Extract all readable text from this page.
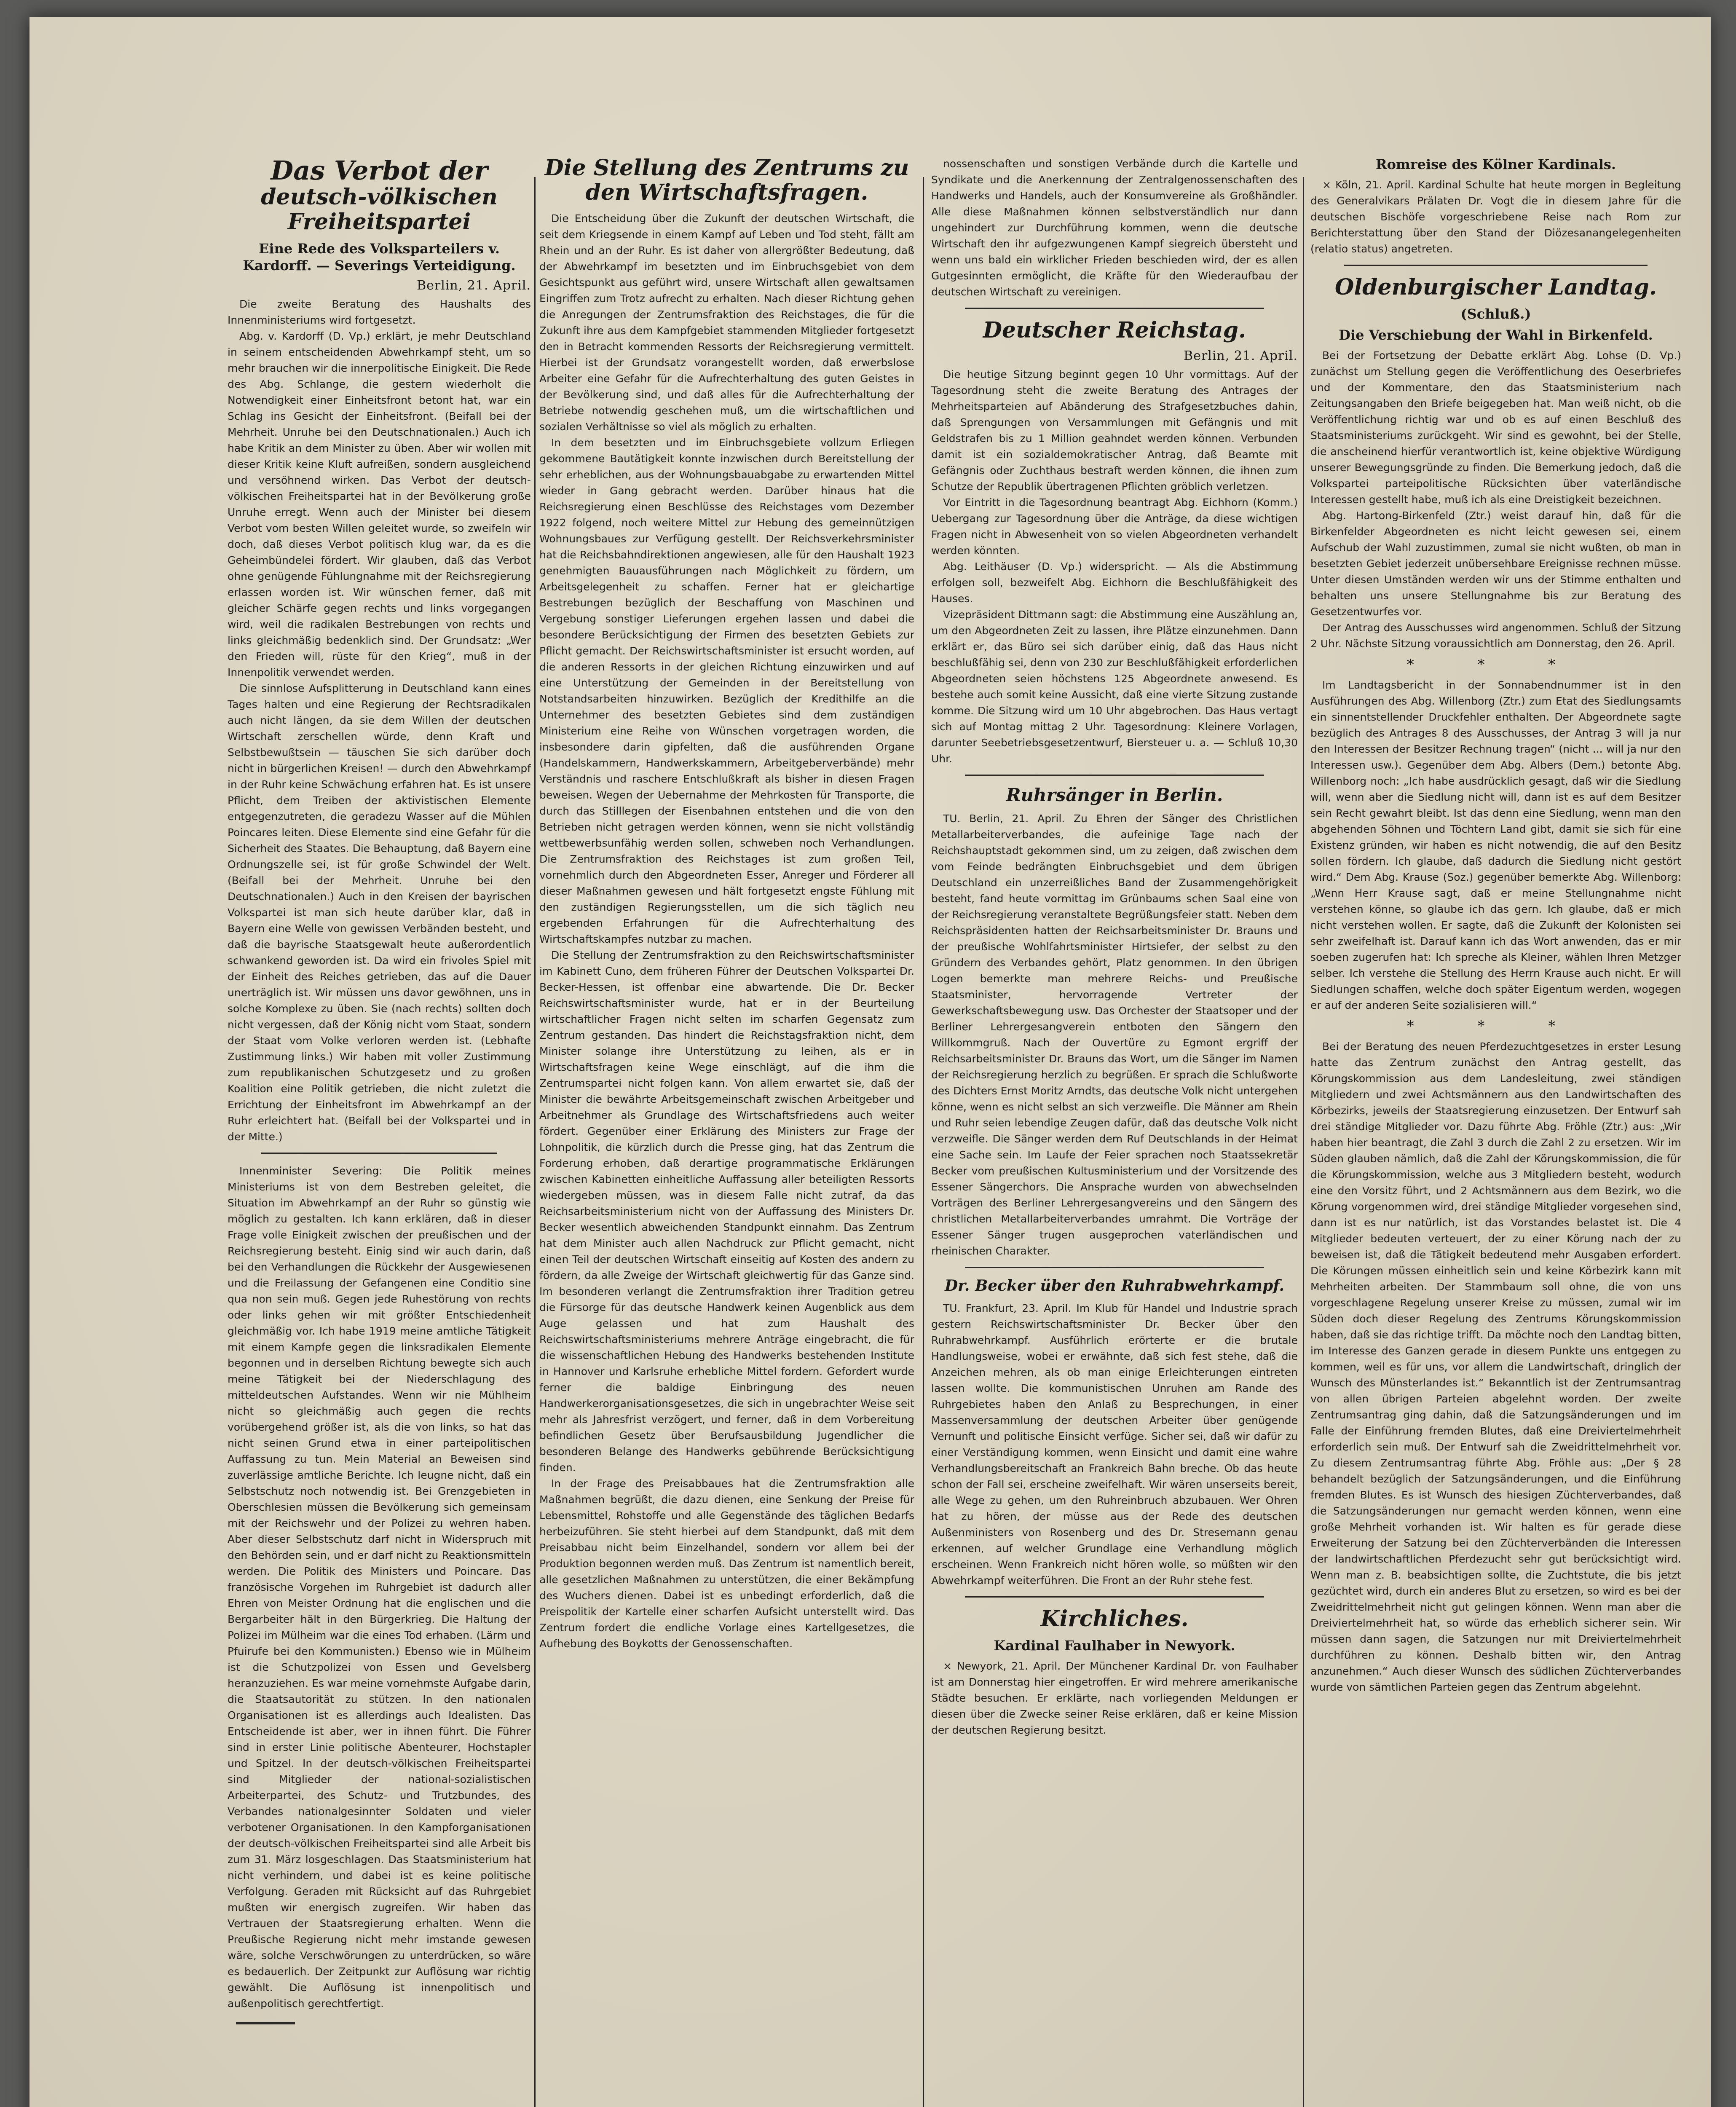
Das Verbot der
deutsch-völkischen Freiheitspartei
Eine Rede des Volksparteilers v. Kardorff. — Severings Verteidigung.
Berlin, 21. April.

Die zweite Beratung des Haushalts des Innenministeriums wird fortgesetzt.

Abg. v. Kardorff (D. Vp.) erklärt, je mehr Deutschland in seinem entscheidenden Abwehrkampf steht, um so mehr brauchen wir die innerpolitische Einigkeit. Die Rede des Abg. Schlange, die gestern wiederholt die Notwendigkeit einer Einheitsfront betont hat, war ein Schlag ins Gesicht der Einheitsfront. (Beifall bei der Mehrheit. Unruhe bei den Deutschnationalen.) Auch ich habe Kritik an dem Minister zu üben. Aber wir wollen mit dieser Kritik keine Kluft aufreißen, sondern ausgleichend und versöhnend wirken. Das Verbot der deutsch-völkischen Freiheitspartei hat in der Bevölkerung große Unruhe erregt. Wenn auch der Minister bei diesem Verbot vom besten Willen geleitet wurde, so zweifeln wir doch, daß dieses Verbot politisch klug war, da es die Geheimbündelei fördert. Wir glauben, daß das Verbot ohne genügende Fühlungnahme mit der Reichsregierung erlassen worden ist. Wir wünschen ferner, daß mit gleicher Schärfe gegen rechts und links vorgegangen wird, weil die radikalen Bestrebungen von rechts und links gleichmäßig bedenklich sind. Der Grundsatz: „Wer den Frieden will, rüste für den Krieg“, muß in der Innenpolitik verwendet werden.

Die sinnlose Aufsplitterung in Deutschland kann eines Tages halten und eine Regierung der Rechtsradikalen auch nicht längen, da sie dem Willen der deutschen Wirtschaft zerschellen würde, denn Kraft und Selbstbewußtsein — täuschen Sie sich darüber doch nicht in bürgerlichen Kreisen! — durch den Abwehrkampf in der Ruhr keine Schwächung erfahren hat. Es ist unsere Pflicht, dem Treiben der aktivistischen Elemente entgegenzutreten, die geradezu Wasser auf die Mühlen Poincares leiten. Diese Elemente sind eine Gefahr für die Sicherheit des Staates. Die Behauptung, daß Bayern eine Ordnungszelle sei, ist für große Schwindel der Welt. (Beifall bei der Mehrheit. Unruhe bei den Deutschnationalen.) Auch in den Kreisen der bayrischen Volkspartei ist man sich heute darüber klar, daß in Bayern eine Welle von gewissen Verbänden besteht, und daß die bayrische Staatsgewalt heute außerordentlich schwankend geworden ist. Da wird ein frivoles Spiel mit der Einheit des Reiches getrieben, das auf die Dauer unerträglich ist. Wir müssen uns davor gewöhnen, uns in solche Komplexe zu üben. Sie (nach rechts) sollten doch nicht vergessen, daß der König nicht vom Staat, sondern der Staat vom Volke verloren werden ist. (Lebhafte Zustimmung links.) Wir haben mit voller Zustimmung zum republikanischen Schutzgesetz und zu großen Koalition eine Politik getrieben, die nicht zuletzt die Errichtung der Einheitsfront im Abwehrkampf an der Ruhr erleichtert hat. (Beifall bei der Volkspartei und in der Mitte.)

Innenminister Severing: Die Politik meines Ministeriums ist von dem Bestreben geleitet, die Situation im Abwehrkampf an der Ruhr so günstig wie möglich zu gestalten. Ich kann erklären, daß in dieser Frage volle Einigkeit zwischen der preußischen und der Reichsregierung besteht. Einig sind wir auch darin, daß bei den Verhandlungen die Rückkehr der Ausgewiesenen und die Freilassung der Gefangenen eine Conditio sine qua non sein muß. Gegen jede Ruhestörung von rechts oder links gehen wir mit größter Entschiedenheit gleichmäßig vor. Ich habe 1919 meine amtliche Tätigkeit mit einem Kampfe gegen die linksradikalen Elemente begonnen und in derselben Richtung bewegte sich auch meine Tätigkeit bei der Niederschlagung des mitteldeutschen Aufstandes. Wenn wir nie Mühlheim nicht so gleichmäßig auch gegen die rechts vorübergehend größer ist, als die von links, so hat das nicht seinen Grund etwa in einer parteipolitischen Auffassung zu tun. Mein Material an Beweisen sind zuverlässige amtliche Berichte. Ich leugne nicht, daß ein Selbstschutz noch notwendig ist. Bei Grenzgebieten in Oberschlesien müssen die Bevölkerung sich gemeinsam mit der Reichswehr und der Polizei zu wehren haben. Aber dieser Selbstschutz darf nicht in Widerspruch mit den Behörden sein, und er darf nicht zu Reaktionsmitteln werden. Die Politik des Ministers und Poincare. Das französische Vorgehen im Ruhrgebiet ist dadurch aller Ehren von Meister Ordnung hat die englischen und die Bergarbeiter hält in den Bürgerkrieg. Die Haltung der Polizei im Mülheim war die eines Tod erhaben. (Lärm und Pfuirufe bei den Kommunisten.) Ebenso wie in Mülheim ist die Schutzpolizei von Essen und Gevelsberg heranzuziehen. Es war meine vornehmste Aufgabe darin, die Staatsautorität zu stützen. In den nationalen Organisationen ist es allerdings auch Idealisten. Das Entscheidende ist aber, wer in ihnen führt. Die Führer sind in erster Linie politische Abenteurer, Hochstapler und Spitzel. In der deutsch-völkischen Freiheitspartei sind Mitglieder der national-sozialistischen Arbeiterpartei, des Schutz- und Trutzbundes, des Verbandes nationalgesinnter Soldaten und vieler verbotener Organisationen. In den Kampforganisationen der deutsch-völkischen Freiheitspartei sind alle Arbeit bis zum 31. März losgeschlagen. Das Staatsministerium hat nicht verhindern, und dabei ist es keine politische Verfolgung. Geraden mit Rücksicht auf das Ruhrgebiet mußten wir energisch zugreifen. Wir haben das Vertrauen der Staatsregierung erhalten. Wenn die Preußische Regierung nicht mehr imstande gewesen wäre, solche Verschwörungen zu unterdrücken, so wäre es bedauerlich. Der Zeitpunkt zur Auflösung war richtig gewählt. Die Auflösung ist innenpolitisch und außenpolitisch gerechtfertigt.

Die Stellung des Zentrums zu
den Wirtschaftsfragen.

Die Entscheidung über die Zukunft der deutschen Wirtschaft, die seit dem Kriegsende in einem Kampf auf Leben und Tod steht, fällt am Rhein und an der Ruhr. Es ist daher von allergrößter Bedeutung, daß der Abwehrkampf im besetzten und im Einbruchsgebiet von dem Gesichtspunkt aus geführt wird, unsere Wirtschaft allen gewaltsamen Eingriffen zum Trotz aufrecht zu erhalten. Nach dieser Richtung gehen die Anregungen der Zentrumsfraktion des Reichstages, die für die Zukunft ihre aus dem Kampfgebiet stammenden Mitglieder fortgesetzt den in Betracht kommenden Ressorts der Reichsregierung vermittelt. Hierbei ist der Grundsatz vorangestellt worden, daß erwerbslose Arbeiter eine Gefahr für die Aufrechterhaltung des guten Geistes in der Bevölkerung sind, und daß alles für die Aufrechterhaltung der Betriebe notwendig geschehen muß, um die wirtschaftlichen und sozialen Verhältnisse so viel als möglich zu erhalten.

In dem besetzten und im Einbruchsgebiete vollzum Erliegen gekommene Bautätigkeit konnte inzwischen durch Bereitstellung der sehr erheblichen, aus der Wohnungsbauabgabe zu erwartenden Mittel wieder in Gang gebracht werden. Darüber hinaus hat die Reichsregierung einen Beschlüsse des Reichstages vom Dezember 1922 folgend, noch weitere Mittel zur Hebung des gemeinnützigen Wohnungsbaues zur Verfügung gestellt. Der Reichsverkehrsminister hat die Reichsbahndirektionen angewiesen, alle für den Haushalt 1923 genehmigten Bauausführungen nach Möglichkeit zu fördern, um Arbeitsgelegenheit zu schaffen. Ferner hat er gleichartige Bestrebungen bezüglich der Beschaffung von Maschinen und Vergebung sonstiger Lieferungen ergehen lassen und dabei die besondere Berücksichtigung der Firmen des besetzten Gebiets zur Pflicht gemacht. Der Reichswirtschaftsminister ist ersucht worden, auf die anderen Ressorts in der gleichen Richtung einzuwirken und auf eine Unterstützung der Gemeinden in der Bereitstellung von Notstandsarbeiten hinzuwirken. Bezüglich der Kredithilfe an die Unternehmer des besetzten Gebietes sind dem zuständigen Ministerium eine Reihe von Wünschen vorgetragen worden, die insbesondere darin gipfelten, daß die ausführenden Organe (Handelskammern, Handwerkskammern, Arbeitgeberverbände) mehr Verständnis und raschere Entschlußkraft als bisher in diesen Fragen beweisen. Wegen der Uebernahme der Mehrkosten für Transporte, die durch das Stilllegen der Eisenbahnen entstehen und die von den Betrieben nicht getragen werden können, wenn sie nicht vollständig wettbewerbsunfähig werden sollen, schweben noch Verhandlungen. Die Zentrumsfraktion des Reichstages ist zum großen Teil, vornehmlich durch den Abgeordneten Esser, Anreger und Förderer all dieser Maßnahmen gewesen und hält fortgesetzt engste Fühlung mit den zuständigen Regierungsstellen, um die sich täglich neu ergebenden Erfahrungen für die Aufrechterhaltung des Wirtschaftskampfes nutzbar zu machen.

Die Stellung der Zentrumsfraktion zu den Reichswirtschaftsminister im Kabinett Cuno, dem früheren Führer der Deutschen Volkspartei Dr. Becker-Hessen, ist offenbar eine abwartende. Die Dr. Becker Reichswirtschaftsminister wurde, hat er in der Beurteilung wirtschaftlicher Fragen nicht selten im scharfen Gegensatz zum Zentrum gestanden. Das hindert die Reichstagsfraktion nicht, dem Minister solange ihre Unterstützung zu leihen, als er in Wirtschaftsfragen keine Wege einschlägt, auf die ihm die Zentrumspartei nicht folgen kann. Von allem erwartet sie, daß der Minister die bewährte Arbeitsgemeinschaft zwischen Arbeitgeber und Arbeitnehmer als Grundlage des Wirtschaftsfriedens auch weiter fördert. Gegenüber einer Erklärung des Ministers zur Frage der Lohnpolitik, die kürzlich durch die Presse ging, hat das Zentrum die Forderung erhoben, daß derartige programmatische Erklärungen zwischen Kabinetten einheitliche Auffassung aller beteiligten Ressorts wiedergeben müssen, was in diesem Falle nicht zutraf, da das Reichsarbeitsministerium nicht von der Auffassung des Ministers Dr. Becker wesentlich abweichenden Standpunkt einnahm. Das Zentrum hat dem Minister auch allen Nachdruck zur Pflicht gemacht, nicht einen Teil der deutschen Wirtschaft einseitig auf Kosten des andern zu fördern, da alle Zweige der Wirtschaft gleichwertig für das Ganze sind. Im besonderen verlangt die Zentrumsfraktion ihrer Tradition getreu die Fürsorge für das deutsche Handwerk keinen Augenblick aus dem Auge gelassen und hat zum Haushalt des Reichswirtschaftsministeriums mehrere Anträge eingebracht, die für die wissenschaftlichen Hebung des Handwerks bestehenden Institute in Hannover und Karlsruhe erhebliche Mittel fordern. Gefordert wurde ferner die baldige Einbringung des neuen Handwerkerorganisationsgesetzes, die sich in ungebrachter Weise seit mehr als Jahresfrist verzögert, und ferner, daß in dem Vorbereitung befindlichen Gesetz über Berufsausbildung Jugendlicher die besonderen Belange des Handwerks gebührende Berücksichtigung finden.

In der Frage des Preisabbaues hat die Zentrumsfraktion alle Maßnahmen begrüßt, die dazu dienen, eine Senkung der Preise für Lebensmittel, Rohstoffe und alle Gegenstände des täglichen Bedarfs herbeizuführen. Sie steht hierbei auf dem Standpunkt, daß mit dem Preisabbau nicht beim Einzelhandel, sondern vor allem bei der Produktion begonnen werden muß. Das Zentrum ist namentlich bereit, alle gesetzlichen Maßnahmen zu unterstützen, die einer Bekämpfung des Wuchers dienen. Dabei ist es unbedingt erforderlich, daß die Preispolitik der Kartelle einer scharfen Aufsicht unterstellt wird. Das Zentrum fordert die endliche Vorlage eines Kartellgesetzes, die Aufhebung des Boykotts der Genossenschaften.

nossenschaften und sonstigen Verbände durch die Kartelle und Syndikate und die Anerkennung der Zentralgenossenschaften des Handwerks und Handels, auch der Konsumvereine als Großhändler. Alle diese Maßnahmen können selbstverständlich nur dann ungehindert zur Durchführung kommen, wenn die deutsche Wirtschaft den ihr aufgezwungenen Kampf siegreich übersteht und wenn uns bald ein wirklicher Frieden beschieden wird, der es allen Gutgesinnten ermöglicht, die Kräfte für den Wiederaufbau der deutschen Wirtschaft zu vereinigen.

Deutscher Reichstag.
Berlin, 21. April.

Die heutige Sitzung beginnt gegen 10 Uhr vormittags. Auf der Tagesordnung steht die zweite Beratung des Antrages der Mehrheitsparteien auf Abänderung des Strafgesetzbuches dahin, daß Sprengungen von Versammlungen mit Gefängnis und mit Geldstrafen bis zu 1 Million geahndet werden können. Verbunden damit ist ein sozialdemokratischer Antrag, daß Beamte mit Gefängnis oder Zuchthaus bestraft werden können, die ihnen zum Schutze der Republik übertragenen Pflichten gröblich verletzen.

Vor Eintritt in die Tagesordnung beantragt Abg. Eichhorn (Komm.) Uebergang zur Tagesordnung über die Anträge, da diese wichtigen Fragen nicht in Abwesenheit von so vielen Abgeordneten verhandelt werden könnten.

Abg. Leithäuser (D. Vp.) widerspricht. — Als die Abstimmung erfolgen soll, bezweifelt Abg. Eichhorn die Beschlußfähigkeit des Hauses.

Vizepräsident Dittmann sagt: die Abstimmung eine Auszählung an, um den Abgeordneten Zeit zu lassen, ihre Plätze einzunehmen. Dann erklärt er, das Büro sei sich darüber einig, daß das Haus nicht beschlußfähig sei, denn von 230 zur Beschlußfähigkeit erforderlichen Abgeordneten seien höchstens 125 Abgeordnete anwesend. Es bestehe auch somit keine Aussicht, daß eine vierte Sitzung zustande komme. Die Sitzung wird um 10 Uhr abgebrochen. Das Haus vertagt sich auf Montag mittag 2 Uhr. Tagesordnung: Kleinere Vorlagen, darunter Seebetriebsgesetzentwurf, Biersteuer u. a. — Schluß 10,30 Uhr.

Ruhrsänger in Berlin.

TU. Berlin, 21. April. Zu Ehren der Sänger des Christlichen Metallarbeiterverbandes, die aufeinige Tage nach der Reichshauptstadt gekommen sind, um zu zeigen, daß zwischen dem vom Feinde bedrängten Einbruchsgebiet und dem übrigen Deutschland ein unzerreißliches Band der Zusammengehörigkeit besteht, fand heute vormittag im Grünbaums schen Saal eine von der Reichsregierung veranstaltete Begrüßungsfeier statt. Neben dem Reichspräsidenten hatten der Reichsarbeitsminister Dr. Brauns und der preußische Wohlfahrtsminister Hirtsiefer, der selbst zu den Gründern des Verbandes gehört, Platz genommen. In den übrigen Logen bemerkte man mehrere Reichs- und Preußische Staatsminister, hervorragende Vertreter der Gewerkschaftsbewegung usw. Das Orchester der Staatsoper und der Berliner Lehrergesangverein entboten den Sängern den Willkommgruß. Nach der Ouvertüre zu Egmont ergriff der Reichsarbeitsminister Dr. Brauns das Wort, um die Sänger im Namen der Reichsregierung herzlich zu begrüßen. Er sprach die Schlußworte des Dichters Ernst Moritz Arndts, das deutsche Volk nicht untergehen könne, wenn es nicht selbst an sich verzweifle. Die Männer am Rhein und Ruhr seien lebendige Zeugen dafür, daß das deutsche Volk nicht verzweifle. Die Sänger werden dem Ruf Deutschlands in der Heimat eine Sache sein. Im Laufe der Feier sprachen noch Staatssekretär Becker vom preußischen Kultusministerium und der Vorsitzende des Essener Sängerchors. Die Ansprache wurden von abwechselnden Vorträgen des Berliner Lehrergesangvereins und den Sängern des christlichen Metallarbeiterverbandes umrahmt. Die Vorträge der Essener Sänger trugen ausgeprochen vaterländischen und rheinischen Charakter.

Dr. Becker über den Ruhrabwehrkampf.

TU. Frankfurt, 23. April. Im Klub für Handel und Industrie sprach gestern Reichswirtschaftsminister Dr. Becker über den Ruhrabwehrkampf. Ausführlich erörterte er die brutale Handlungsweise, wobei er erwähnte, daß sich fest stehe, daß die Anzeichen mehren, als ob man einige Erleichterungen eintreten lassen wollte. Die kommunistischen Unruhen am Rande des Ruhrgebietes haben den Anlaß zu Besprechungen, in einer Massenversammlung der deutschen Arbeiter über genügende Vernunft und politische Einsicht verfüge. Sicher sei, daß wir dafür zu einer Verständigung kommen, wenn Einsicht und damit eine wahre Verhandlungsbereitschaft an Frankreich Bahn breche. Ob das heute schon der Fall sei, erscheine zweifelhaft. Wir wären unserseits bereit, alle Wege zu gehen, um den Ruhreinbruch abzubauen. Wer Ohren hat zu hören, der müsse aus der Rede des deutschen Außenministers von Rosenberg und des Dr. Stresemann genau erkennen, auf welcher Grundlage eine Verhandlung möglich erscheinen. Wenn Frankreich nicht hören wolle, so müßten wir den Abwehrkampf weiterführen. Die Front an der Ruhr stehe fest.

Kirchliches.
Kardinal Faulhaber in Newyork.

× Newyork, 21. April. Der Münchener Kardinal Dr. von Faulhaber ist am Donnerstag hier eingetroffen. Er wird mehrere amerikanische Städte besuchen. Er erklärte, nach vorliegenden Meldungen er diesen über die Zwecke seiner Reise erklären, daß er keine Mission der deutschen Regierung besitzt.

Romreise des Kölner Kardinals.

× Köln, 21. April. Kardinal Schulte hat heute morgen in Begleitung des Generalvikars Prälaten Dr. Vogt die in diesem Jahre für die deutschen Bischöfe vorgeschriebene Reise nach Rom zur Berichterstattung über den Stand der Diözesanangelegenheiten (relatio status) angetreten.

Oldenburgischer Landtag.
(Schluß.)
Die Verschiebung der Wahl in Birkenfeld.

Bei der Fortsetzung der Debatte erklärt Abg. Lohse (D. Vp.) zunächst um Stellung gegen die Veröffentlichung des Oeserbriefes und der Kommentare, den das Staatsministerium nach Zeitungsangaben den Briefe beigegeben hat. Man weiß nicht, ob die Veröffentlichung richtig war und ob es auf einen Beschluß des Staatsministeriums zurückgeht. Wir sind es gewohnt, bei der Stelle, die anscheinend hierfür verantwortlich ist, keine objektive Würdigung unserer Bewegungsgründe zu finden. Die Bemerkung jedoch, daß die Volkspartei parteipolitische Rücksichten über vaterländische Interessen gestellt habe, muß ich als eine Dreistigkeit bezeichnen.

Abg. Hartong-Birkenfeld (Ztr.) weist darauf hin, daß für die Birkenfelder Abgeordneten es nicht leicht gewesen sei, einem Aufschub der Wahl zuzustimmen, zumal sie nicht wußten, ob man in besetzten Gebiet jederzeit unübersehbare Ereignisse rechnen müsse. Unter diesen Umständen werden wir uns der Stimme enthalten und behalten uns unsere Stellungnahme bis zur Beratung des Gesetzentwurfes vor.

Der Antrag des Ausschusses wird angenommen. Schluß der Sitzung 2 Uhr. Nächste Sitzung voraussichtlich am Donnerstag, den 26. April.

* * *

Im Landtagsbericht in der Sonnabendnummer ist in den Ausführungen des Abg. Willenborg (Ztr.) zum Etat des Siedlungsamts ein sinnentstellender Druckfehler enthalten. Der Abgeordnete sagte bezüglich des Antrages 8 des Ausschusses, der Antrag 3 will ja nur den Interessen der Besitzer Rechnung tragen“ (nicht ... will ja nur den Interessen usw.). Gegenüber dem Abg. Albers (Dem.) betonte Abg. Willenborg noch: „Ich habe ausdrücklich gesagt, daß wir die Siedlung will, wenn aber die Siedlung nicht will, dann ist es auf dem Besitzer sein Recht gewahrt bleibt. Ist das denn eine Siedlung, wenn man den abgehenden Söhnen und Töchtern Land gibt, damit sie sich für eine Existenz gründen, wir haben es nicht notwendig, die auf den Besitz sollen fördern. Ich glaube, daß dadurch die Siedlung nicht gestört wird.“ Dem Abg. Krause (Soz.) gegenüber bemerkte Abg. Willenborg: „Wenn Herr Krause sagt, daß er meine Stellungnahme nicht verstehen könne, so glaube ich das gern. Ich glaube, daß er mich nicht verstehen wollen. Er sagte, daß die Zukunft der Kolonisten sei sehr zweifelhaft ist. Darauf kann ich das Wort anwenden, das er mir soeben zugerufen hat: Ich spreche als Kleiner, wählen Ihren Metzger selber. Ich verstehe die Stellung des Herrn Krause auch nicht. Er will Siedlungen schaffen, welche doch später Eigentum werden, wogegen er auf der anderen Seite sozialisieren will.“

* * *

Bei der Beratung des neuen Pferdezuchtgesetzes in erster Lesung hatte das Zentrum zunächst den Antrag gestellt, das Körungskommission aus dem Landesleitung, zwei ständigen Mitgliedern und zwei Achtsmännern aus den Landwirtschaften des Körbezirks, jeweils der Staatsregierung einzusetzen. Der Entwurf sah drei ständige Mitglieder vor. Dazu führte Abg. Fröhle (Ztr.) aus: „Wir haben hier beantragt, die Zahl 3 durch die Zahl 2 zu ersetzen. Wir im Süden glauben nämlich, daß die Zahl der Körungskommission, die für die Körungskommission, welche aus 3 Mitgliedern besteht, wodurch eine den Vorsitz führt, und 2 Achtsmännern aus dem Bezirk, wo die Körung vorgenommen wird, drei ständige Mitglieder vorgesehen sind, dann ist es nur natürlich, ist das Vorstandes belastet ist. Die 4 Mitglieder bedeuten verteuert, der zu einer Körung nach der zu beweisen ist, daß die Tätigkeit bedeutend mehr Ausgaben erfordert. Die Körungen müssen einheitlich sein und keine Körbezirk kann mit Mehrheiten arbeiten. Der Stammbaum soll ohne, die von uns vorgeschlagene Regelung unserer Kreise zu müssen, zumal wir im Süden doch dieser Regelung des Zentrums Körungskommission haben, daß sie das richtige trifft. Da möchte noch den Landtag bitten, im Interesse des Ganzen gerade in diesem Punkte uns entgegen zu kommen, weil es für uns, vor allem die Landwirtschaft, dringlich der Wunsch des Münsterlandes ist.“ Bekanntlich ist der Zentrumsantrag von allen übrigen Parteien abgelehnt worden. Der zweite Zentrumsantrag ging dahin, daß die Satzungsänderungen und im Falle der Einführung fremden Blutes, daß eine Dreiviertelmehrheit erforderlich sein muß. Der Entwurf sah die Zweidrittelmehrheit vor. Zu diesem Zentrumsantrag führte Abg. Fröhle aus: „Der § 28 behandelt bezüglich der Satzungsänderungen, und die Einführung fremden Blutes. Es ist Wunsch des hiesigen Züchterverbandes, daß die Satzungsänderungen nur gemacht werden können, wenn eine große Mehrheit vorhanden ist. Wir halten es für gerade diese Erweiterung der Satzung bei den Züchterverbänden die Interessen der landwirtschaftlichen Pferdezucht sehr gut berücksichtigt wird. Wenn man z. B. beabsichtigen sollte, die Zuchtstute, die bis jetzt gezüchtet wird, durch ein anderes Blut zu ersetzen, so wird es bei der Zweidrittelmehrheit nicht gut gelingen können. Wenn man aber die Dreiviertelmehrheit hat, so würde das erheblich sicherer sein. Wir müssen dann sagen, die Satzungen nur mit Dreiviertelmehrheit durchführen zu können. Deshalb bitten wir, den Antrag anzunehmen.“ Auch dieser Wunsch des südlichen Züchterverbandes wurde von sämtlichen Parteien gegen das Zentrum abgelehnt.
